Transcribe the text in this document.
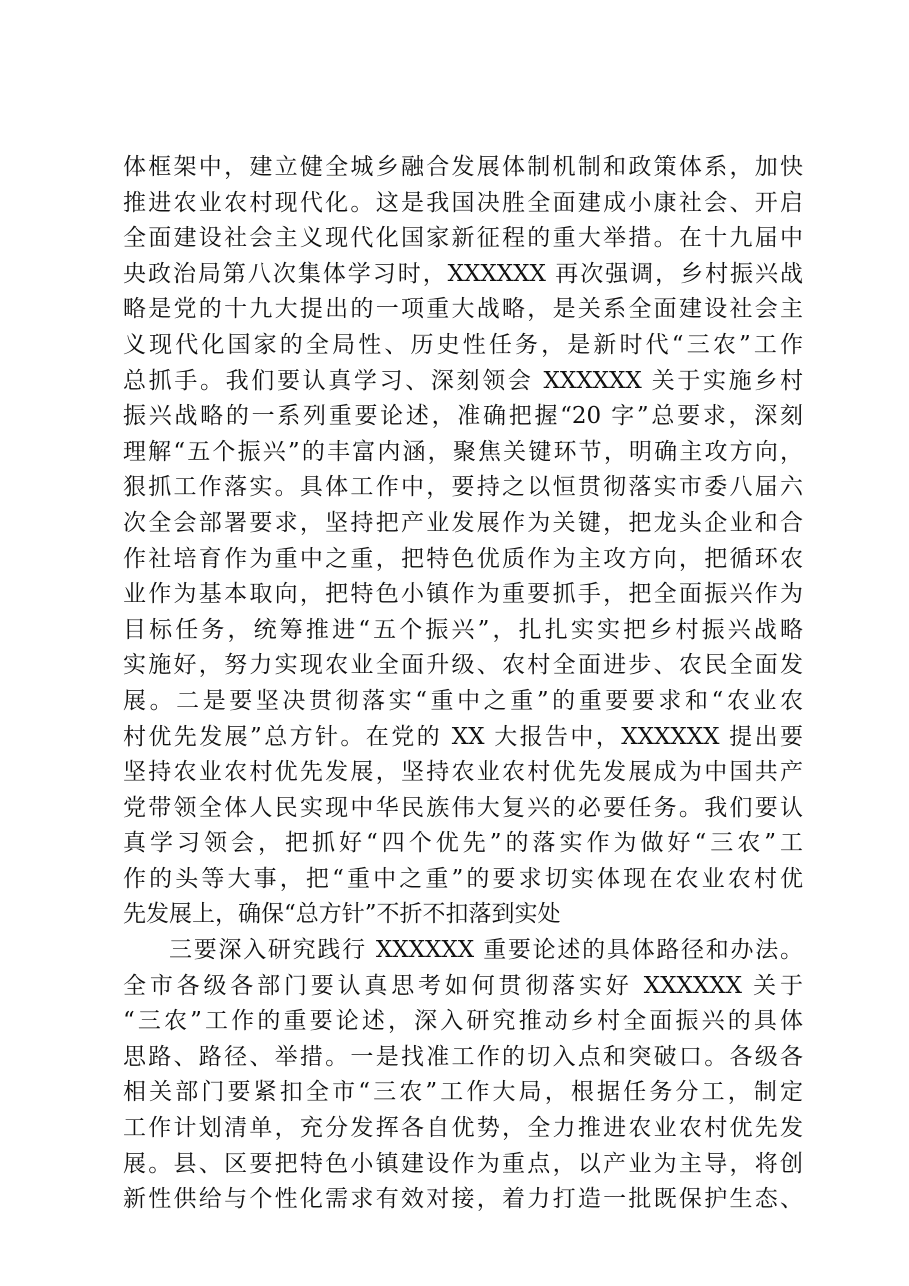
体框架中，建立健全城乡融合发展体制机制和政策体系，加快
推进农业农村现代化。这是我国决胜全面建成小康社会、开启
全面建设社会主义现代化国家新征程的重大举措。在十九届中
央政治局第八次集体学习时，XXXXXX 再次强调，乡村振兴战
略是党的十九大提出的一项重大战略，是关系全面建设社会主
义现代化国家的全局性、历史性任务，是新时代“三农”工作
总抓手。我们要认真学习、深刻领会 XXXXXX 关于实施乡村
振兴战略的一系列重要论述，准确把握“20 字”总要求，深刻
理解“五个振兴”的丰富内涵，聚焦关键环节，明确主攻方向，
狠抓工作落实。具体工作中，要持之以恒贯彻落实市委八届六
次全会部署要求，坚持把产业发展作为关键，把龙头企业和合
作社培育作为重中之重，把特色优质作为主攻方向，把循环农
业作为基本取向，把特色小镇作为重要抓手，把全面振兴作为
目标任务，统筹推进“五个振兴”，扎扎实实把乡村振兴战略
实施好，努力实现农业全面升级、农村全面进步、农民全面发
展。二是要坚决贯彻落实“重中之重”的重要要求和“农业农
村优先发展”总方针。在党的 XX 大报告中，XXXXXX 提出要
坚持农业农村优先发展，坚持农业农村优先发展成为中国共产
党带领全体人民实现中华民族伟大复兴的必要任务。我们要认
真学习领会，把抓好“四个优先”的落实作为做好“三农”工
作的头等大事，把“重中之重”的要求切实体现在农业农村优
先发展上，确保“总方针”不折不扣落到实处
三要深入研究践行 XXXXXX 重要论述的具体路径和办法。
全市各级各部门要认真思考如何贯彻落实好 XXXXXX 关于
“三农”工作的重要论述，深入研究推动乡村全面振兴的具体
思路、路径、举措。一是找准工作的切入点和突破口。各级各
相关部门要紧扣全市“三农”工作大局，根据任务分工，制定
工作计划清单，充分发挥各自优势，全力推进农业农村优先发
展。县、区要把特色小镇建设作为重点，以产业为主导，将创
新性供给与个性化需求有效对接，着力打造一批既保护生态、
